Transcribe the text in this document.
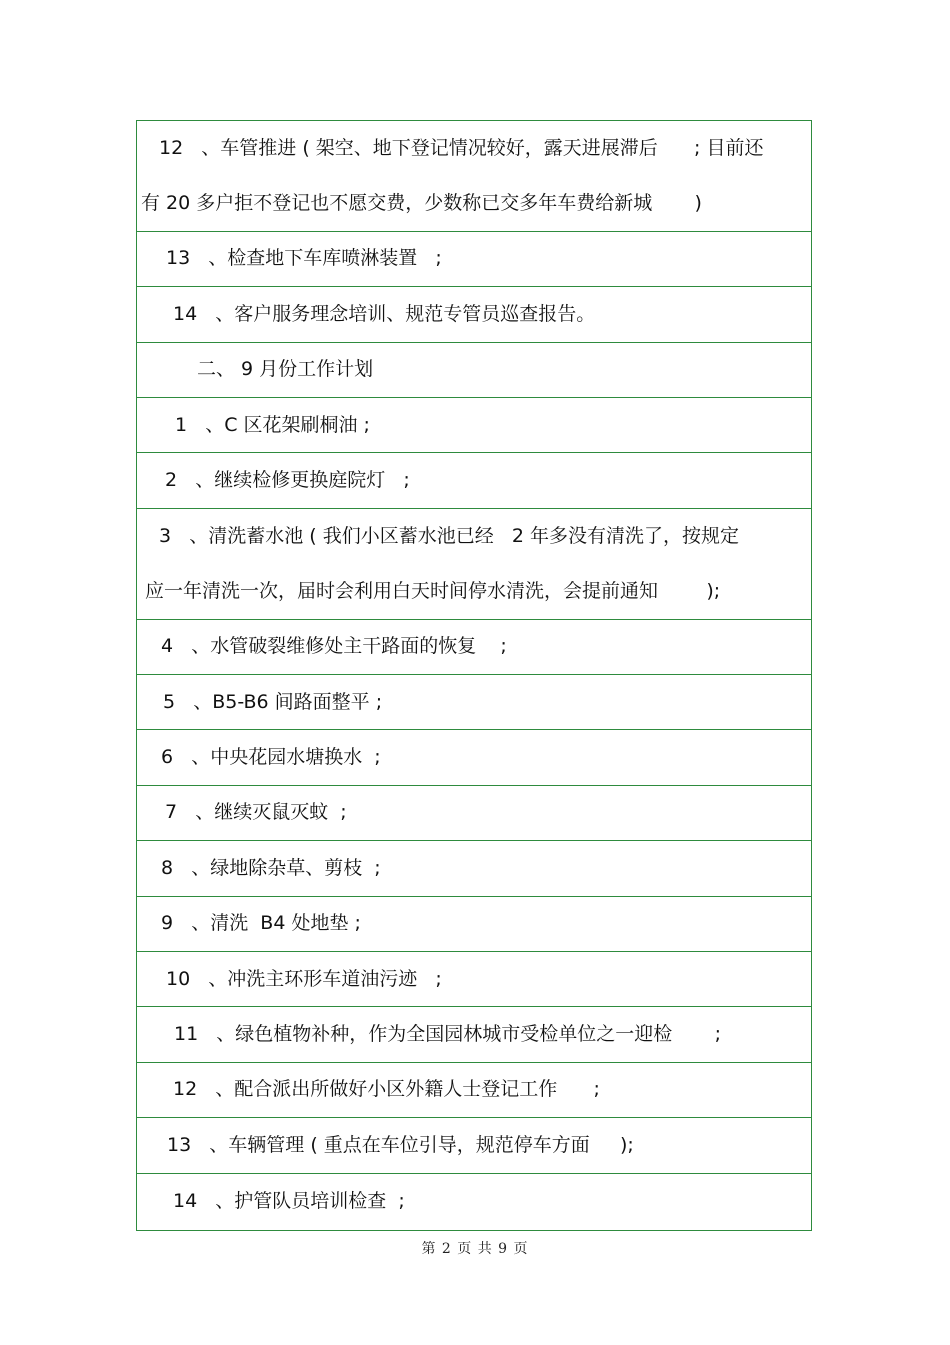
12   、车管推进 ( 架空、地下登记情况较好，露天进展滞后      ; 目前还
有 20 多户拒不登记也不愿交费，少数称已交多年车费给新城       )
13   、检查地下车库喷淋装置   ;
14   、客户服务理念培训、规范专管员巡查报告。
二、 9 月份工作计划
1   、C 区花架刷桐油 ;
2   、继续检修更换庭院灯   ;
3   、清洗蓄水池 ( 我们小区蓄水池已经   2 年多没有清洗了，按规定
应一年清洗一次，届时会利用白天时间停水清洗，会提前通知        );
4   、水管破裂维修处主干路面的恢复    ;
5   、B5-B6 间路面整平 ;
6   、中央花园水塘换水  ;
7   、继续灭鼠灭蚊  ;
8   、绿地除杂草、剪枝  ;
9   、清洗  B4 处地垫 ;
10   、冲洗主环形车道油污迹   ;
11   、绿色植物补种，作为全国园林城市受检单位之一迎检       ;
12   、配合派出所做好小区外籍人士登记工作      ;
13   、车辆管理 ( 重点在车位引导，规范停车方面     );
14   、护管队员培训检查  ;
第 2 页 共 9 页
